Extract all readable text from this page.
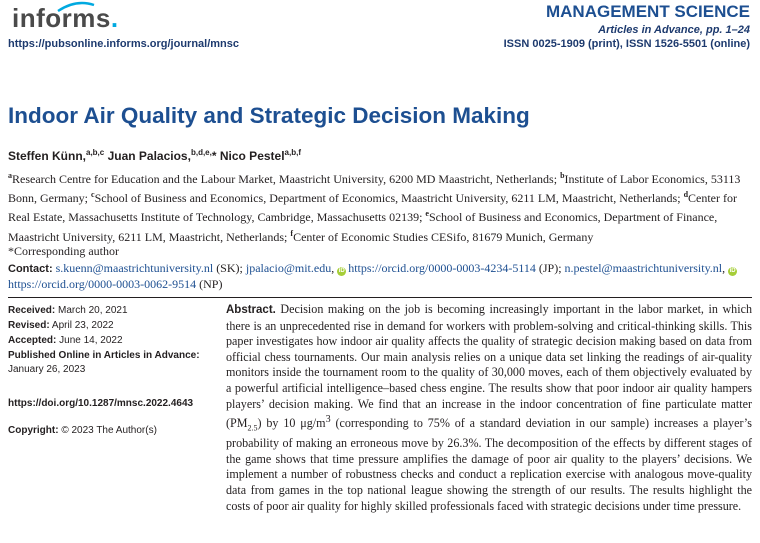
informs.
https://pubsonline.informs.org/journal/mnsc
MANAGEMENT SCIENCE
Articles in Advance, pp. 1–24
ISSN 0025-1909 (print), ISSN 1526-5501 (online)
Indoor Air Quality and Strategic Decision Making
Steffen Künn,$^{a,b,c}$ Juan Palacios,$^{b,d,e,}$* Nico Pestel$^{a,b,f}$
$^a$Research Centre for Education and the Labour Market, Maastricht University, 6200 MD Maastricht, Netherlands; $^b$Institute of Labor Economics, 53113 Bonn, Germany; $^c$School of Business and Economics, Department of Economics, Maastricht University, 6211 LM, Maastricht, Netherlands; $^d$Center for Real Estate, Massachusetts Institute of Technology, Cambridge, Massachusetts 02139; $^e$School of Business and Economics, Department of Finance, Maastricht University, 6211 LM, Maastricht, Netherlands; $^f$Center of Economic Studies CESifo, 81679 Munich, Germany
*Corresponding author
Contact: s.kuenn@maastrichtuniversity.nl (SK); jpalacio@mit.edu, iD https://orcid.org/0000-0003-4234-5114 (JP); n.pestel@maastrichtuniversity.nl, iDhttps://orcid.org/0000-0003-0062-9514 (NP)
Received: March 20, 2021
Revised: April 23, 2022
Accepted: June 14, 2022
Published Online in Articles in Advance:
January 26, 2023
https://doi.org/10.1287/mnsc.2022.4643
Copyright: © 2023 The Author(s)
Abstract. Decision making on the job is becoming increasingly important in the labor market, in which there is an unprecedented rise in demand for workers with problem-solving and critical-thinking skills. This paper investigates how indoor air quality affects the quality of strategic decision making based on data from official chess tournaments. Our main analysis relies on a unique data set linking the readings of air-quality monitors inside the tournament room to the quality of 30,000 moves, each of them objectively evaluated by a powerful artificial intelligence–based chess engine. The results show that poor indoor air quality hampers players’ decision making. We find that an increase in the indoor concentration of fine particulate matter $(PM_{2.5})$ by 10 $\mu g/m^3$ (corresponding to 75% of a standard deviation in our sample) increases a player’s probability of making an erroneous move by 26.3%. The decomposition of the effects by different stages of the game shows that time pressure amplifies the damage of poor air quality to the players’ decisions. We implement a number of robustness checks and conduct a replication exercise with analogous move-quality data from games in the top national league showing the strength of our results. The results highlight the costs of poor air quality for highly skilled professionals faced with strategic decisions under time pressure.
